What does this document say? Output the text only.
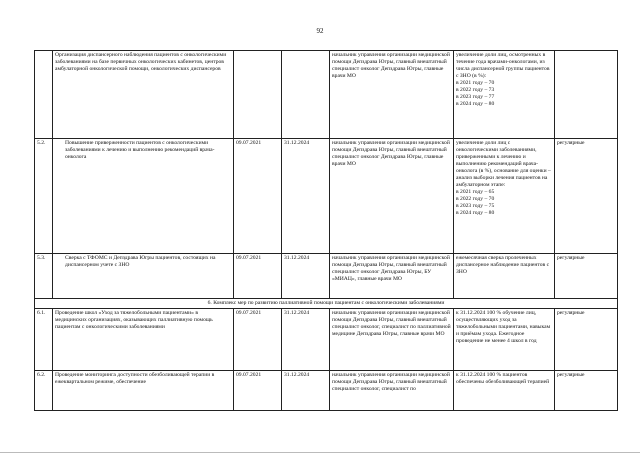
92
	Организация диспансерного наблюдения пациентов с онкологическими заболеваниями на базе первичных онкологических кабинетов, центров амбулаторной онкологической помощи, онкологических диспансеров			начальник управления организации медицинской помощи Депздрава Югры, главный внештатный специалист онколог Депздрава Югры, главные врачи МО	увеличение доли лиц, осмотренных в течение года врачами-онкологами, из числа диспансерной группы пациентов с ЗНО (в %):
в 2021 году – 70
в 2022 году – 73
в 2023 году – 77
в 2024 году – 80	
5.2.	Повышение приверженности пациентов с онкологическими заболеваниями к лечению и выполнению рекомендаций врача-онколога	09.07.2021	31.12.2024	начальник управления организации медицинской помощи Депздрава Югры, главный внештатный специалист онколог Депздрава Югры, главные врачи МО	увеличение доли лиц с онкологическими заболеваниями, приверженными к лечению и выполнению рекомендаций врача-онколога (в %), основание для оценки – анализ выборки лечения пациентов на амбулаторном этапе:
в 2021 году – 65
в 2022 году – 70
в 2023 году – 75
в 2024 году – 80	регулярные
5.3.	Сверка с ТФОМС и Депздрава Югры пациентов, состоящих на диспансерном учете с ЗНО	09.07.2021	31.12.2024	начальник управления организации медицинской помощи Депздрава Югры, главный внештатный специалист онколог Депздрава Югры, БУ «МИАЦ», главные врачи МО	ежемесячная сверка пролеченных диспансерное наблюдение пациентов с ЗНО	регулярные
6. Комплекс мер по развитию паллиативной помощи пациентам с онкологическими заболеваниями						
6.1.	Проведение школ «Уход за тяжелобольными пациентами» в медицинских организациях, оказывающих паллиативную помощь пациентам с онкологическими заболеваниями	09.07.2021	31.12.2024	начальник управления организации медицинской помощи Депздрава Югры, главный внештатный специалист онколог, специалист по паллиативной медицине Депздрава Югры, главные врачи МО	к 31.12.2024 100 % обучение лиц, осуществляющих уход за тяжелобольными пациентами, навыкам и приёмам ухода. Ежегодное проведение не менее 4 школ в год	регулярные
6.2.	Проведение мониторинга доступности обезболивающей терапии в ежеквартальном режиме, обеспечение	09.07.2021	31.12.2024	начальник управления организации медицинской помощи Депздрава Югры, главный внештатный специалист онколог, специалист по	к 31.12.2024 100 % пациентов обеспечены обезболивающей терапией	регулярные
